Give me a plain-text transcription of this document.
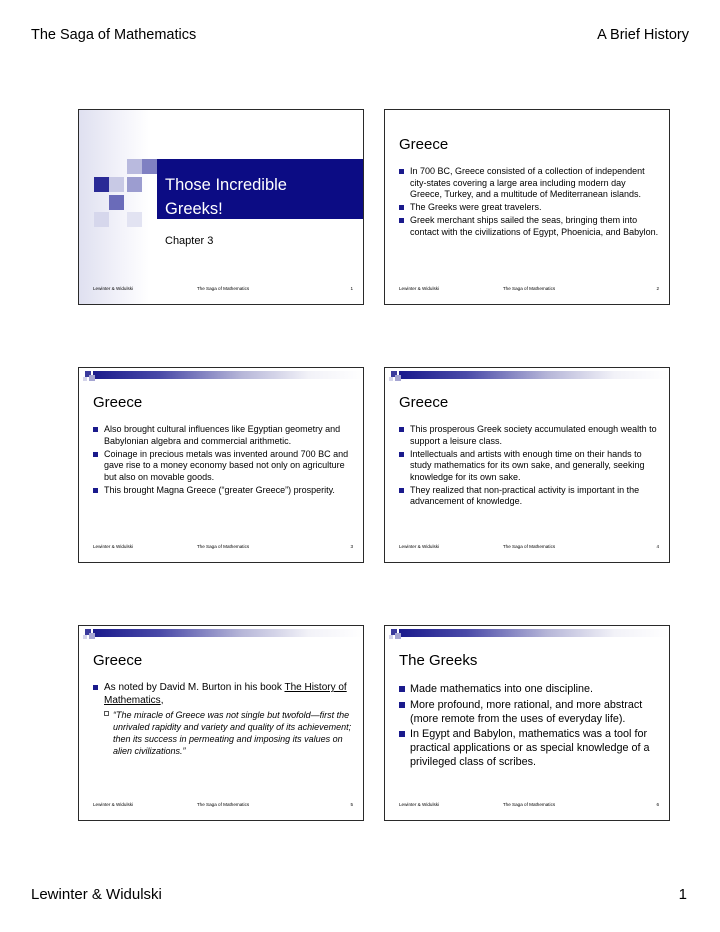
The Saga of Mathematics	A Brief History
Those Incredible
Greeks!
Chapter 3
Lewinter & Widulski	The Saga of Mathematics	1
Greece
In 700 BC, Greece consisted of a collection of independent city-states covering a large area including modern day Greece, Turkey, and a multitude of Mediterranean islands.
The Greeks were great travelers.
Greek merchant ships sailed the seas, bringing them into contact with the civilizations of Egypt, Phoenicia, and Babylon.
Lewinter & Widulski	The Saga of Mathematics	2
Greece
Also brought cultural influences like Egyptian geometry and Babylonian algebra and commercial arithmetic.
Coinage in precious metals was invented around 700 BC and gave rise to a money economy based not only on agriculture but also on movable goods.
This brought Magna Greece (“greater Greece”) prosperity.
Lewinter & Widulski	The Saga of Mathematics	3
Greece
This prosperous Greek society accumulated enough wealth to support a leisure class.
Intellectuals and artists with enough time on their hands to study mathematics for its own sake, and generally, seeking knowledge for its own sake.
They realized that non-practical activity is important in the advancement of knowledge.
Lewinter & Widulski	The Saga of Mathematics	4
Greece
As noted by David M. Burton in his book The History of Mathematics,
“The miracle of Greece was not single but twofold—first the unrivaled rapidity and variety and quality of its achievement; then its success in permeating and imposing its values on alien civilizations.”
Lewinter & Widulski	The Saga of Mathematics	5
The Greeks
Made mathematics into one discipline.
More profound, more rational, and more abstract (more remote from the uses of everyday life).
In Egypt and Babylon, mathematics was a tool for practical applications or as special knowledge of a privileged class of scribes.
Lewinter & Widulski	The Saga of Mathematics	6
Lewinter & Widulski	1
